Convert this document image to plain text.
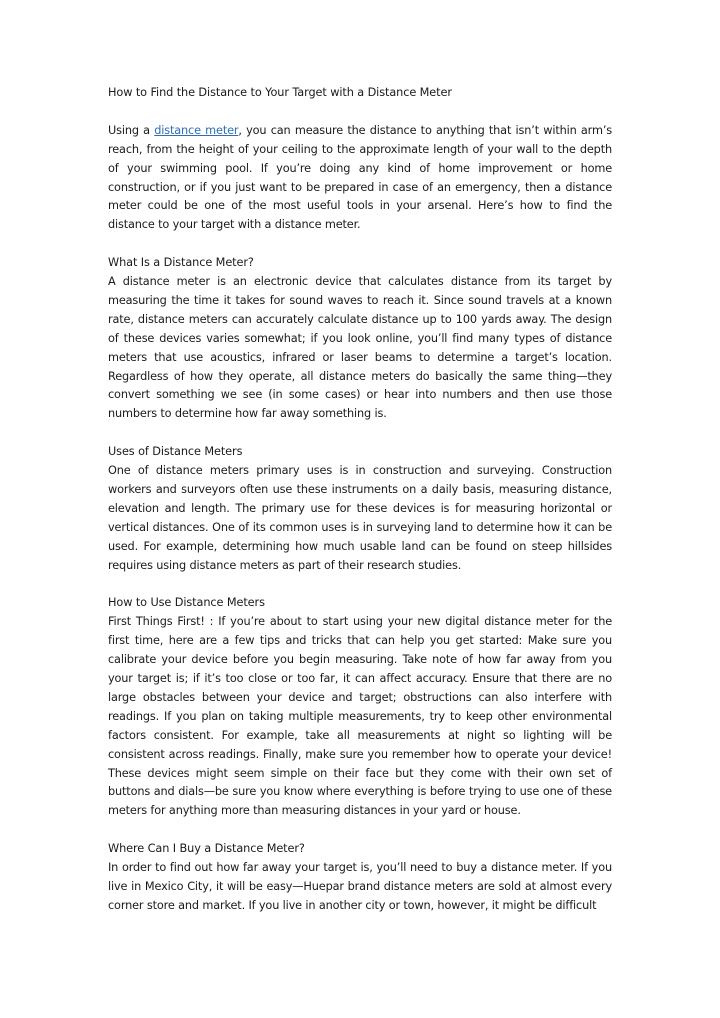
How to Find the Distance to Your Target with a Distance Meter

Using a distance meter, you can measure the distance to anything that isn’t within arm’s reach, from the height of your ceiling to the approximate length of your wall to the depth of your swimming pool. If you’re doing any kind of home improvement or home construction, or if you just want to be prepared in case of an emergency, then a distance meter could be one of the most useful tools in your arsenal. Here’s how to find the distance to your target with a distance meter.

What Is a Distance Meter?

A distance meter is an electronic device that calculates distance from its target by measuring the time it takes for sound waves to reach it. Since sound travels at a known rate, distance meters can accurately calculate distance up to 100 yards away. The design of these devices varies somewhat; if you look online, you’ll find many types of distance meters that use acoustics, infrared or laser beams to determine a target’s location. Regardless of how they operate, all distance meters do basically the same thing—they convert something we see (in some cases) or hear into numbers and then use those numbers to determine how far away something is.

Uses of Distance Meters

One of distance meters primary uses is in construction and surveying. Construction workers and surveyors often use these instruments on a daily basis, measuring distance, elevation and length. The primary use for these devices is for measuring horizontal or vertical distances. One of its common uses is in surveying land to determine how it can be used. For example, determining how much usable land can be found on steep hillsides requires using distance meters as part of their research studies.

How to Use Distance Meters

First Things First! : If you’re about to start using your new digital distance meter for the first time, here are a few tips and tricks that can help you get started: Make sure you calibrate your device before you begin measuring. Take note of how far away from you your target is; if it’s too close or too far, it can affect accuracy. Ensure that there are no large obstacles between your device and target; obstructions can also interfere with readings. If you plan on taking multiple measurements, try to keep other environmental factors consistent. For example, take all measurements at night so lighting will be consistent across readings. Finally, make sure you remember how to operate your device! These devices might seem simple on their face but they come with their own set of buttons and dials—be sure you know where everything is before trying to use one of these meters for anything more than measuring distances in your yard or house.

Where Can I Buy a Distance Meter?

In order to find out how far away your target is, you’ll need to buy a distance meter. If you live in Mexico City, it will be easy—Huepar brand distance meters are sold at almost every corner store and market. If you live in another city or town, however, it might be difficult
